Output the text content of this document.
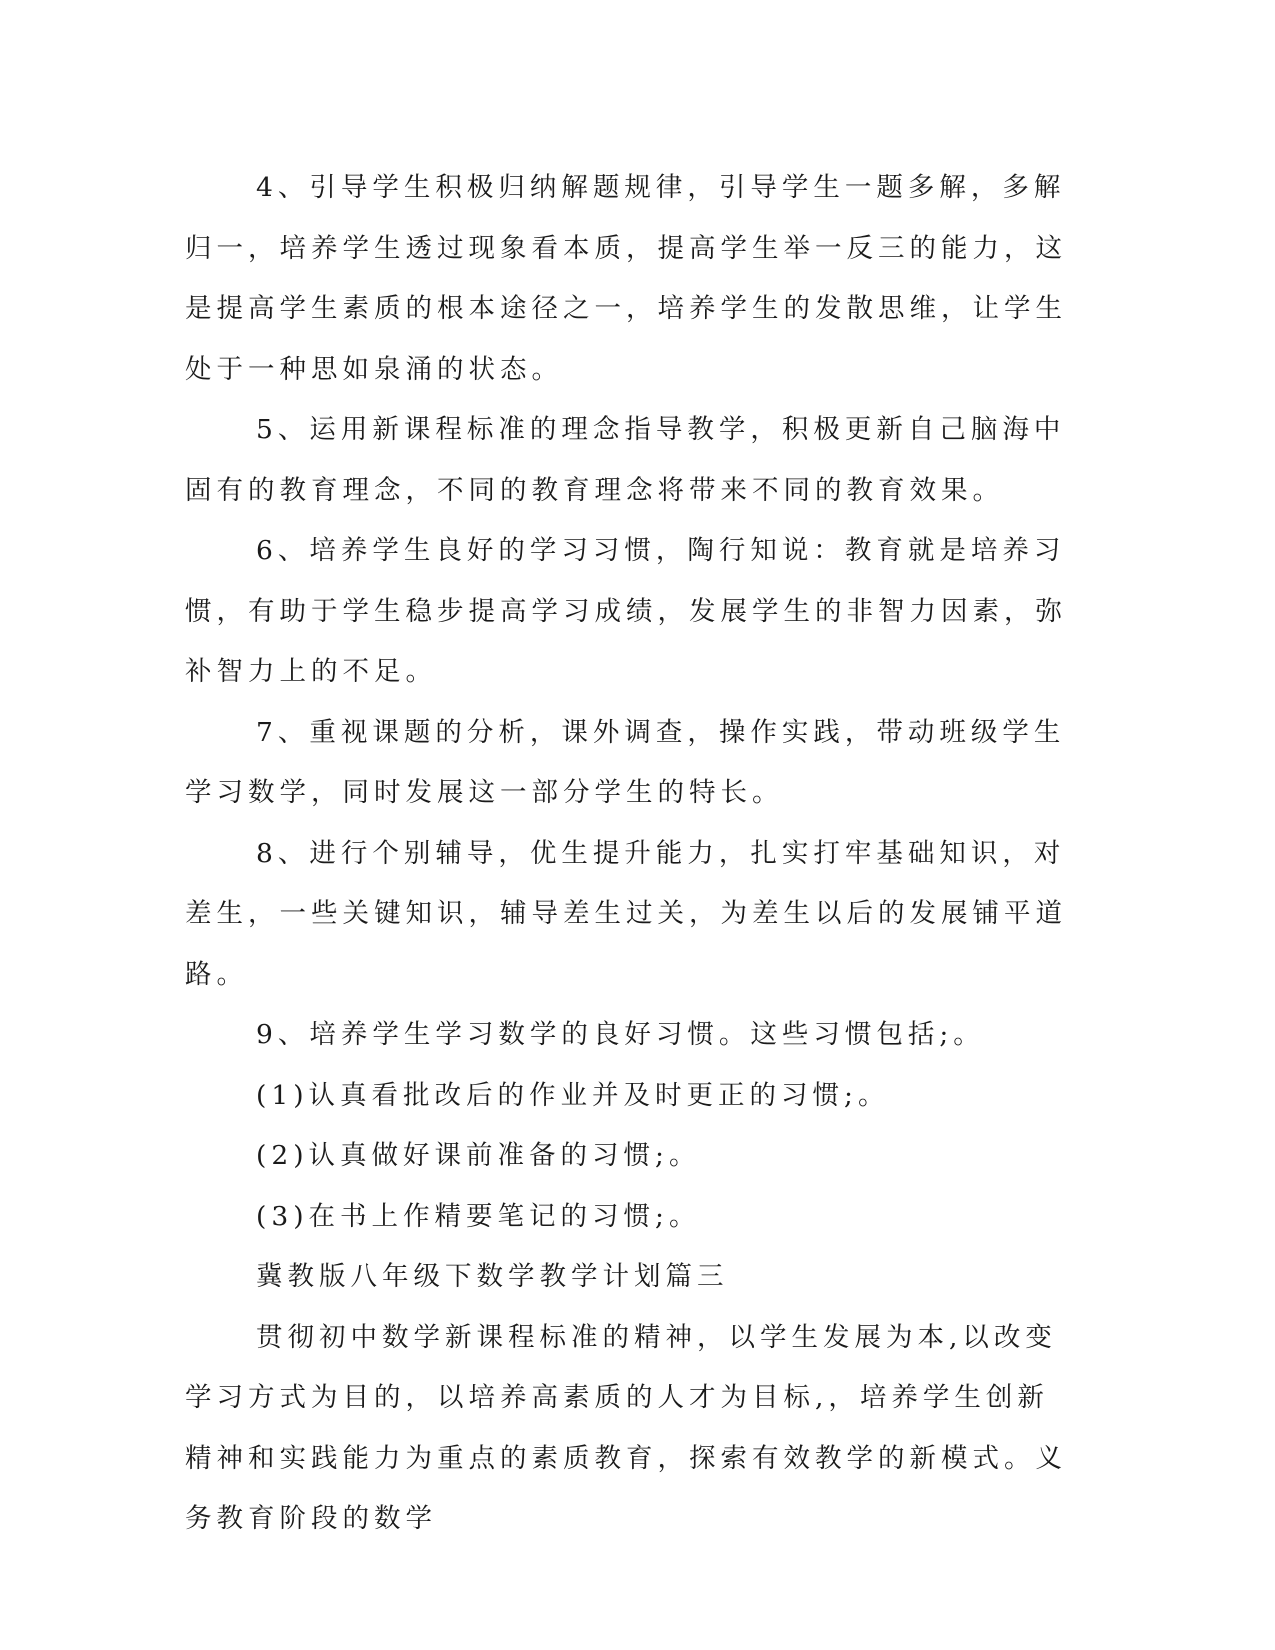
4、引导学生积极归纳解题规律，引导学生一题多解，多解归一，培养学生透过现象看本质，提高学生举一反三的能力，这是提高学生素质的根本途径之一，培养学生的发散思维，让学生处于一种思如泉涌的状态。

5、运用新课程标准的理念指导教学，积极更新自己脑海中固有的教育理念，不同的教育理念将带来不同的教育效果。

6、培养学生良好的学习习惯，陶行知说：教育就是培养习惯，有助于学生稳步提高学习成绩，发展学生的非智力因素，弥补智力上的不足。

7、重视课题的分析，课外调查，操作实践，带动班级学生学习数学，同时发展这一部分学生的特长。

8、进行个别辅导，优生提升能力，扎实打牢基础知识，对差生，一些关键知识，辅导差生过关，为差生以后的发展铺平道路。

9、培养学生学习数学的良好习惯。这些习惯包括;。

(1)认真看批改后的作业并及时更正的习惯;。

(2)认真做好课前准备的习惯;。

(3)在书上作精要笔记的习惯;。

冀教版八年级下数学教学计划篇三

贯彻初中数学新课程标准的精神，以学生发展为本,以改变学习方式为目的，以培养高素质的人才为目标,，培养学生创新精神和实践能力为重点的素质教育，探索有效教学的新模式。义务教育阶段的数学
